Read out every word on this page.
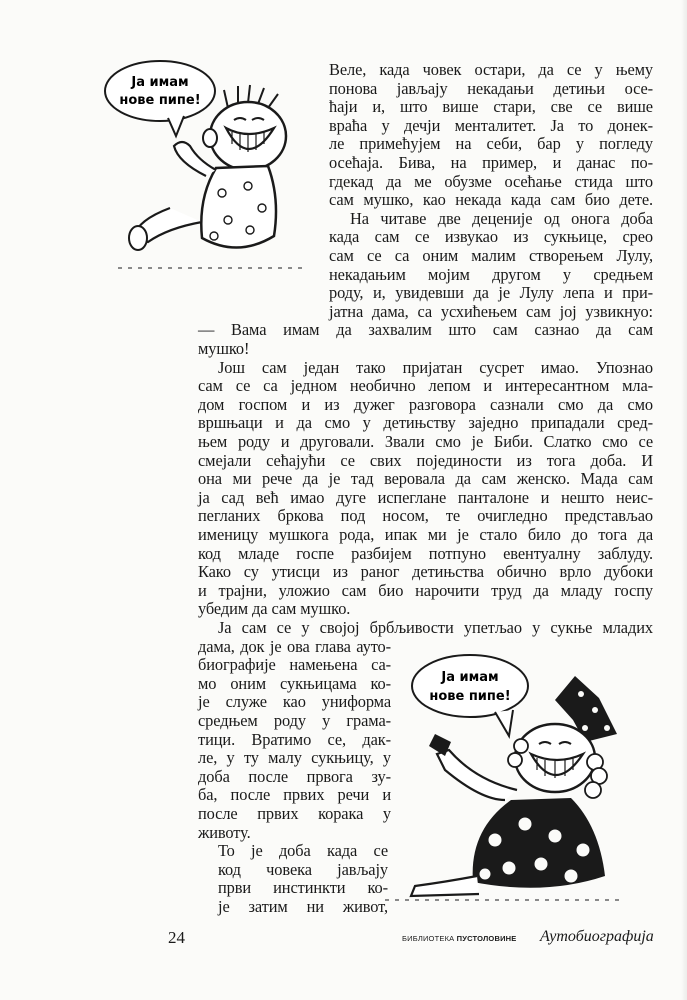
Ја имам
нове пипе!
Ја имам
нове пипе!
Веле, када човек остари, да се у њему
понова јављају некадањи детињи осе-
ћаји и, што више стари, све се више
враћа у дечји менталитет. Ја то донек-
ле примећујем на себи, бар у погледу
осећаја. Бива, на пример, и данас по-
гдекад да ме обузме осећање стида што
сам мушко, као некада када сам био дете.
На читаве две деценије од оногa доба
када сам се извукао из сукњице, срео
сам се са оним малим створењем Лулу,
некадањим мојим другом у средњем
роду, и, увидевши да је Лулу лепа и при-
јатна дама, са усхићењем сам јој узвикнуо:
— Вама имам да захвалим што сам сазнао да сам
мушко!
Још сам један тако пријатан сусрет имао. Упознао
сам се са једном необично лепом и интересантном мла-
дом госпом и из дужег разговора сазнали смо да смо
вршњаци и да смо у детињству заједно припадали сред-
њем роду и друговали. Звали смо је Биби. Слатко смо се
смејали сећајући се свих појединости из тога доба. И
она ми рече да је тад веровала да сам женско. Мада сам
ја сад већ имао дуге испеглане панталоне и нешто неис-
пегланих бркова под носом, те очигледно представљао
именицу мушкога рода, ипак ми је стало било до тога да
код младе госпе разбијем потпуно евентуалну заблуду.
Како су утисци из раног детињства обично врло дубоки
и трајни, уложио сам био нарочити труд да младу госпу
убедим да сам мушко.
Ја сам се у својој брбљивости упетљао у сукње младих
дама, док је ова глава ауто-
биографије намењена са-
мо оним сукњицама ко-
је служе као униформа
средњем роду у грама-
тици. Вратимо се, дак-
ле, у ту малу сукњицу, у
доба после првога зу-
ба, после првих речи и
после првих корака у
животу.
То је доба када се
код човека јављају
први инстинкти ко-
је затим ни живот,
24	БИБЛИОТЕКА ПУСТОЛОВИНЕ Аутобиографија
